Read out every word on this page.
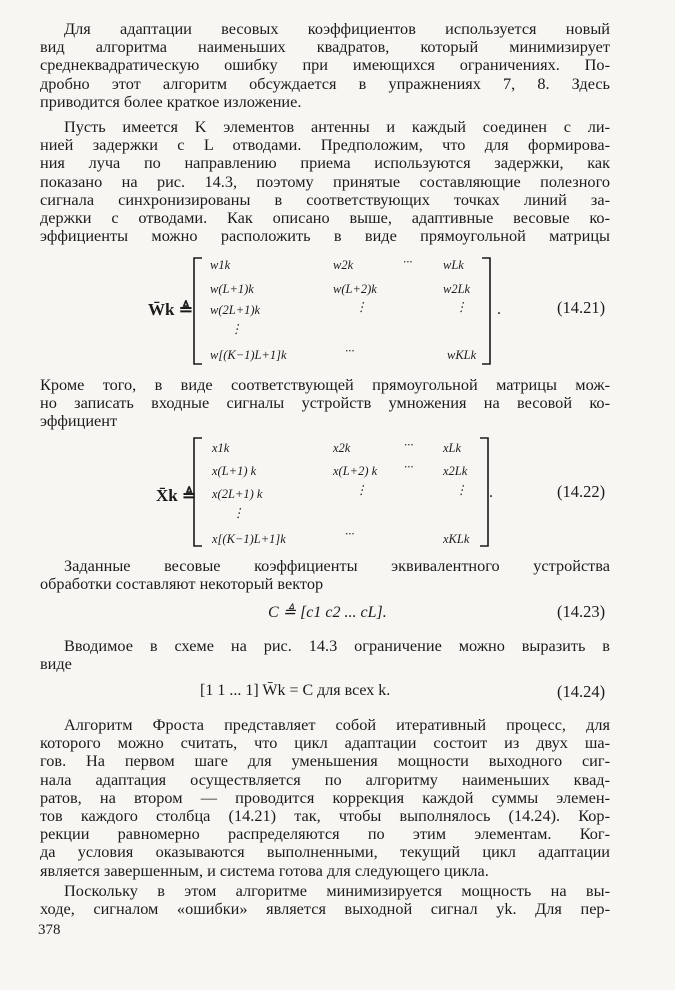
Для адаптации весовых коэффициентов используется новый
вид алгоритма наименьших квадратов, который минимизирует
среднеквадратическую ошибку при имеющихся ограничениях. По-
дробно этот алгоритм обсуждается в упражнениях 7, 8. Здесь
приводится более краткое изложение.
Пусть имеется K элементов антенны и каждый соединен с ли-
нией задержки с L отводами. Предположим, что для формирова-
ния луча по направлению приема используются задержки, как
показано на рис. 14.3, поэтому принятые составляющие полезного
сигнала синхронизированы в соответствующих точках линий за-
держки с отводами. Как описано выше, адаптивные весовые ко-
эффициенты можно расположить в виде прямоугольной матрицы
W̄k ≜
w1k	w2k	··· wLk
w(L+1)k	w(L+2)k	w2Lk
w(2L+1)k	⋮	⋮
⋮
w[(K−1)L+1]k	···	wKLk
.	(14.21)
Кроме того, в виде соответствующей прямоугольной матрицы мож-
но записать входные сигналы устройств умножения на весовой ко-
эффициент
X̄k ≜
x1k	x2k	··· xLk
x(L+1) k	x(L+2) k ··· x2Lk
x(2L+1) k	⋮	⋮
⋮
x[(K−1)L+1]k	···	xKLk
.	(14.22)
Заданные весовые коэффициенты эквивалентного устройства
обработки составляют некоторый вектор
C ≜ [c1 c2 ... cL].	(14.23)
Вводимое в схеме на рис. 14.3 ограничение можно выразить в
виде
[1 1 ... 1] W̄k = C для всех k.	(14.24)
Алгоритм Фроста представляет собой итеративный процесс, для
которого можно считать, что цикл адаптации состоит из двух ша-
гов. На первом шаге для уменьшения мощности выходного сиг-
нала адаптация осуществляется по алгоритму наименьших квад-
ратов, на втором — проводится коррекция каждой суммы элемен-
тов каждого столбца (14.21) так, чтобы выполнялось (14.24). Кор-
рекции равномерно распределяются по этим элементам. Ког-
да условия оказываются выполненными, текущий цикл адаптации
является завершенным, и система готова для следующего цикла.
Поскольку в этом алгоритме минимизируется мощность на вы-
ходе, сигналом «ошибки» является выходной сигнал yk. Для пер-
378
